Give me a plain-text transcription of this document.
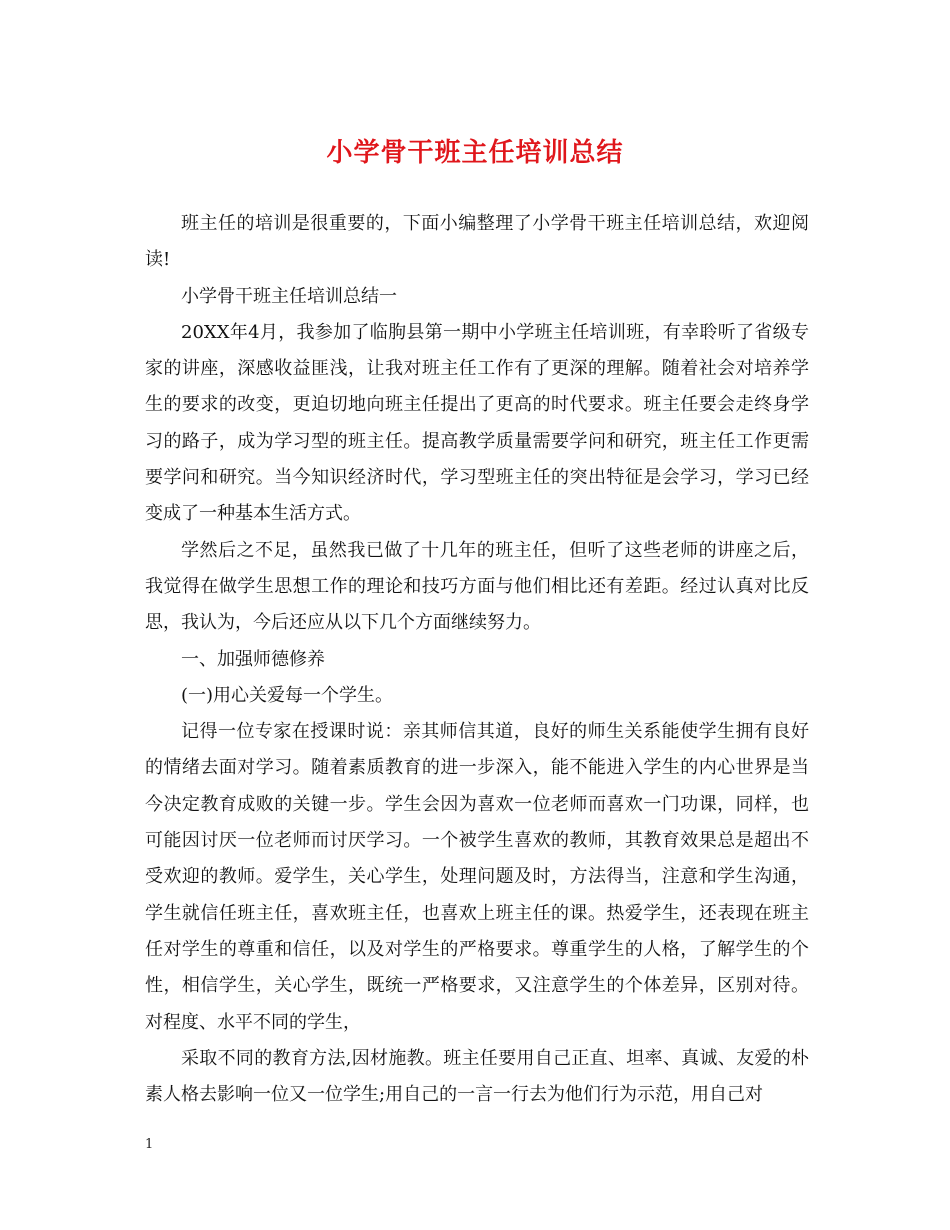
小学骨干班主任培训总结

班主任的培训是很重要的，下面小编整理了小学骨干班主任培训总结，欢迎阅读!

小学骨干班主任培训总结一

20XX年4月，我参加了临朐县第一期中小学班主任培训班，有幸聆听了省级专家的讲座，深感收益匪浅，让我对班主任工作有了更深的理解。随着社会对培养学生的要求的改变，更迫切地向班主任提出了更高的时代要求。班主任要会走终身学习的路子，成为学习型的班主任。提高教学质量需要学问和研究，班主任工作更需要学问和研究。当今知识经济时代，学习型班主任的突出特征是会学习，学习已经变成了一种基本生活方式。

学然后之不足，虽然我已做了十几年的班主任，但听了这些老师的讲座之后，我觉得在做学生思想工作的理论和技巧方面与他们相比还有差距。经过认真对比反思，我认为，今后还应从以下几个方面继续努力。

一、加强师德修养

(一)用心关爱每一个学生。

记得一位专家在授课时说：亲其师信其道，良好的师生关系能使学生拥有良好的情绪去面对学习。随着素质教育的进一步深入，能不能进入学生的内心世界是当今决定教育成败的关键一步。学生会因为喜欢一位老师而喜欢一门功课，同样，也可能因讨厌一位老师而讨厌学习。一个被学生喜欢的教师，其教育效果总是超出不受欢迎的教师。爱学生，关心学生，处理问题及时，方法得当，注意和学生沟通，学生就信任班主任，喜欢班主任，也喜欢上班主任的课。热爱学生，还表现在班主任对学生的尊重和信任，以及对学生的严格要求。尊重学生的人格，了解学生的个性，相信学生，关心学生，既统一严格要求，又注意学生的个体差异，区别对待。对程度、水平不同的学生，

采取不同的教育方法,因材施教。班主任要用自己正直、坦率、真诚、友爱的朴素人格去影响一位又一位学生;用自己的一言一行去为他们行为示范，用自己对

1
